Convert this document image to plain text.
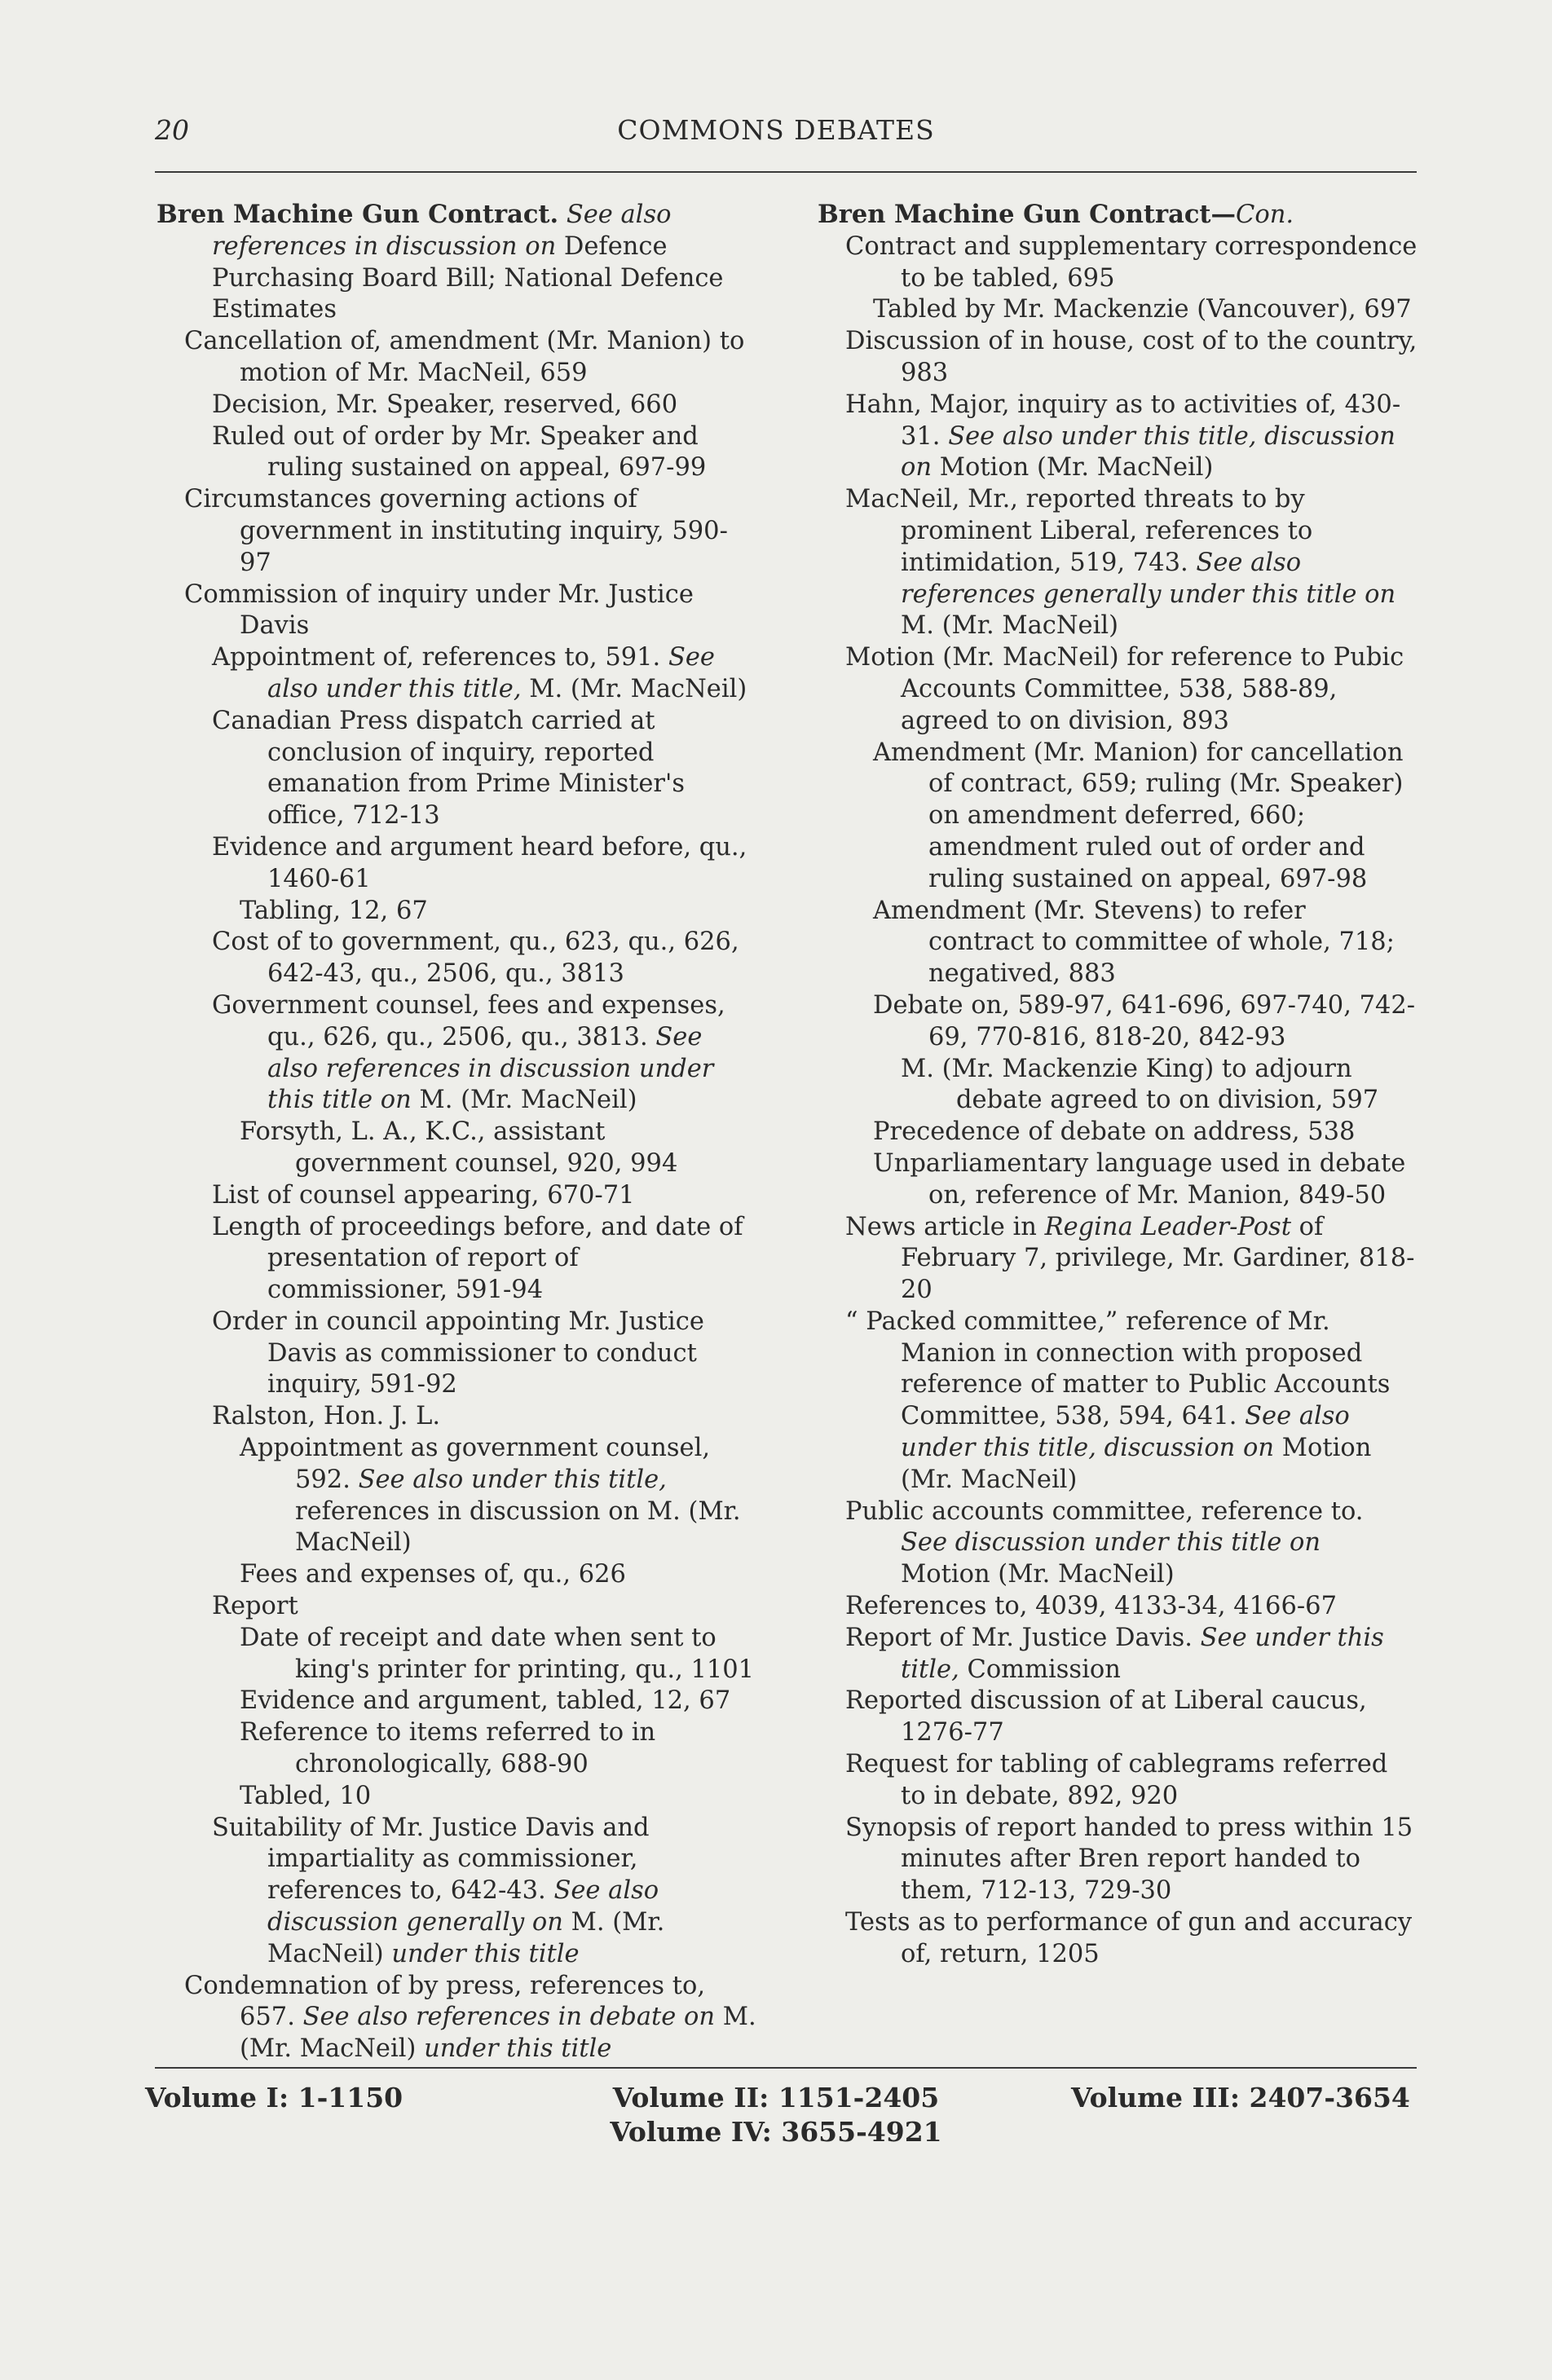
20	COMMONS DEBATES

Bren Machine Gun Contract. See also references in discussion on Defence Purchasing Board Bill; National Defence Estimates

Cancellation of, amendment (Mr. Manion) to motion of Mr. MacNeil, 659

Decision, Mr. Speaker, reserved, 660

Ruled out of order by Mr. Speaker and ruling sustained on appeal, 697-99

Circumstances governing actions of government in instituting inquiry, 590-97

Commission of inquiry under Mr. Justice Davis

Appointment of, references to, 591. See also under this title, M. (Mr. MacNeil)

Canadian Press dispatch carried at conclusion of inquiry, reported emanation from Prime Minister's office, 712-13

Evidence and argument heard before, qu., 1460-61

Tabling, 12, 67

Cost of to government, qu., 623, qu., 626, 642-43, qu., 2506, qu., 3813

Government counsel, fees and expenses, qu., 626, qu., 2506, qu., 3813. See also references in discussion under this title on M. (Mr. MacNeil)

Forsyth, L. A., K.C., assistant government counsel, 920, 994

List of counsel appearing, 670-71

Length of proceedings before, and date of presentation of report of commissioner, 591-94

Order in council appointing Mr. Justice Davis as commissioner to conduct inquiry, 591-92

Ralston, Hon. J. L.

Appointment as government counsel, 592. See also under this title, references in discussion on M. (Mr. MacNeil)

Fees and expenses of, qu., 626

Report

Date of receipt and date when sent to king's printer for printing, qu., 1101

Evidence and argument, tabled, 12, 67

Reference to items referred to in chronologically, 688-90

Tabled, 10

Suitability of Mr. Justice Davis and impartiality as commissioner, references to, 642-43. See also discussion generally on M. (Mr. MacNeil) under this title

Condemnation of by press, references to, 657. See also references in debate on M. (Mr. MacNeil) under this title

Bren Machine Gun Contract—Con.

Contract and supplementary correspondence to be tabled, 695

Tabled by Mr. Mackenzie (Vancouver), 697

Discussion of in house, cost of to the country, 983

Hahn, Major, inquiry as to activities of, 430-31. See also under this title, discussion on Motion (Mr. MacNeil)

MacNeil, Mr., reported threats to by prominent Liberal, references to intimidation, 519, 743. See also references generally under this title on M. (Mr. MacNeil)

Motion (Mr. MacNeil) for reference to Pubic Accounts Committee, 538, 588-89, agreed to on division, 893

Amendment (Mr. Manion) for cancellation of contract, 659; ruling (Mr. Speaker) on amendment deferred, 660; amendment ruled out of order and ruling sustained on appeal, 697-98

Amendment (Mr. Stevens) to refer contract to committee of whole, 718; negatived, 883

Debate on, 589-97, 641-696, 697-740, 742-69, 770-816, 818-20, 842-93

M. (Mr. Mackenzie King) to adjourn debate agreed to on division, 597

Precedence of debate on address, 538

Unparliamentary language used in debate on, reference of Mr. Manion, 849-50

News article in Regina Leader-Post of February 7, privilege, Mr. Gardiner, 818-20

“ Packed committee,” reference of Mr. Manion in connection with proposed reference of matter to Public Accounts Committee, 538, 594, 641. See also under this title, discussion on Motion (Mr. MacNeil)

Public accounts committee, reference to. See discussion under this title on Motion (Mr. MacNeil)

References to, 4039, 4133-34, 4166-67

Report of Mr. Justice Davis. See under this title, Commission

Reported discussion of at Liberal caucus, 1276-77

Request for tabling of cablegrams referred to in debate, 892, 920

Synopsis of report handed to press within 15 minutes after Bren report handed to them, 712-13, 729-30

Tests as to performance of gun and accuracy of, return, 1205

Volume I: 1-1150	Volume II: 1151-2405
Volume IV: 3655-4921
Volume III: 2407-3654
